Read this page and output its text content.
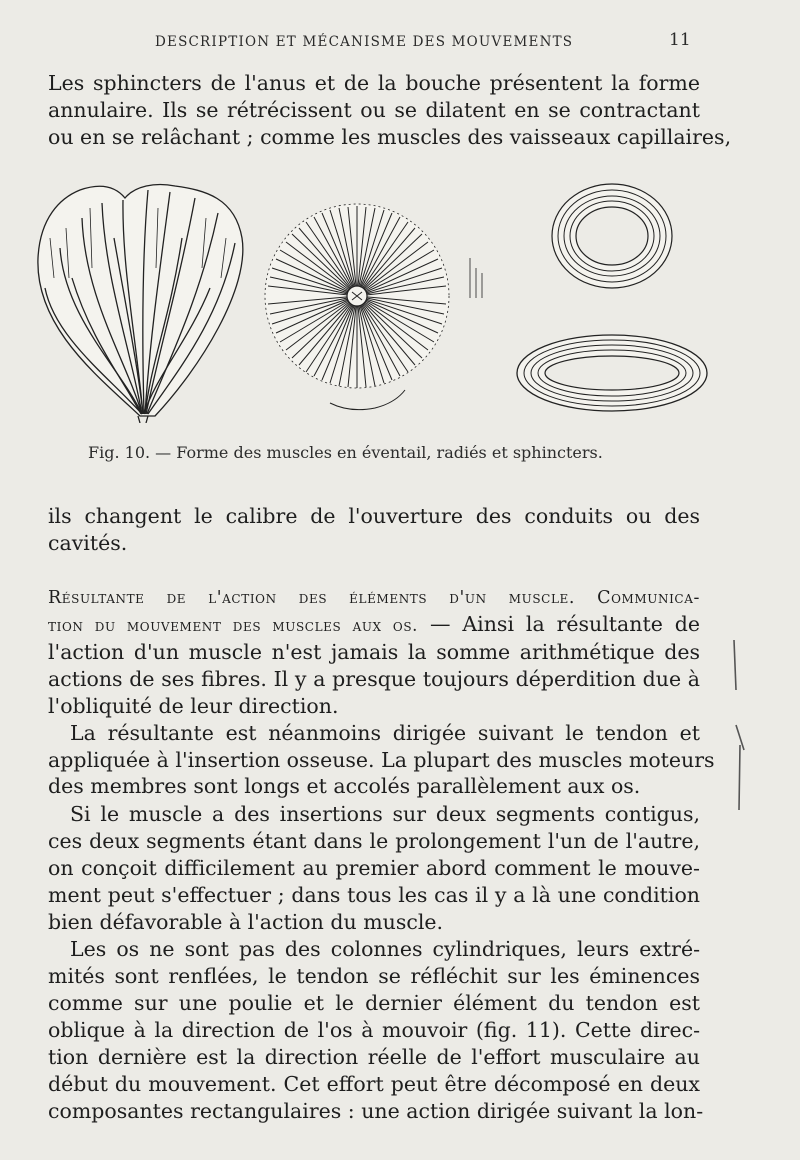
DESCRIPTION ET MÉCANISME DES MOUVEMENTS	11
Les sphincters de l'anus et de la bouche présentent la forme
annulaire. Ils se rétrécissent ou se dilatent en se contractant
ou en se relâchant ; comme les muscles des vaisseaux capillaires,
Fig. 10. — Forme des muscles en éventail, radiés et sphincters.
ils changent le calibre de l'ouverture des conduits ou des
cavités.
Résultante de l'action des éléments d'un muscle. Communica-
tion du mouvement des muscles aux os. — Ainsi la résultante de
l'action d'un muscle n'est jamais la somme arithmétique des
actions de ses fibres. Il y a presque toujours déperdition due à
l'obliquité de leur direction.
La résultante est néanmoins dirigée suivant le tendon et
appliquée à l'insertion osseuse. La plupart des muscles moteurs
des membres sont longs et accolés parallèlement aux os.
Si le muscle a des insertions sur deux segments contigus,
ces deux segments étant dans le prolongement l'un de l'autre,
on conçoit difficilement au premier abord comment le mouve-
ment peut s'effectuer ; dans tous les cas il y a là une condition
bien défavorable à l'action du muscle.
Les os ne sont pas des colonnes cylindriques, leurs extré-
mités sont renflées, le tendon se réfléchit sur les éminences
comme sur une poulie et le dernier élément du tendon est
oblique à la direction de l'os à mouvoir (fig. 11). Cette direc-
tion dernière est la direction réelle de l'effort musculaire au
début du mouvement. Cet effort peut être décomposé en deux
composantes rectangulaires : une action dirigée suivant la lon-
